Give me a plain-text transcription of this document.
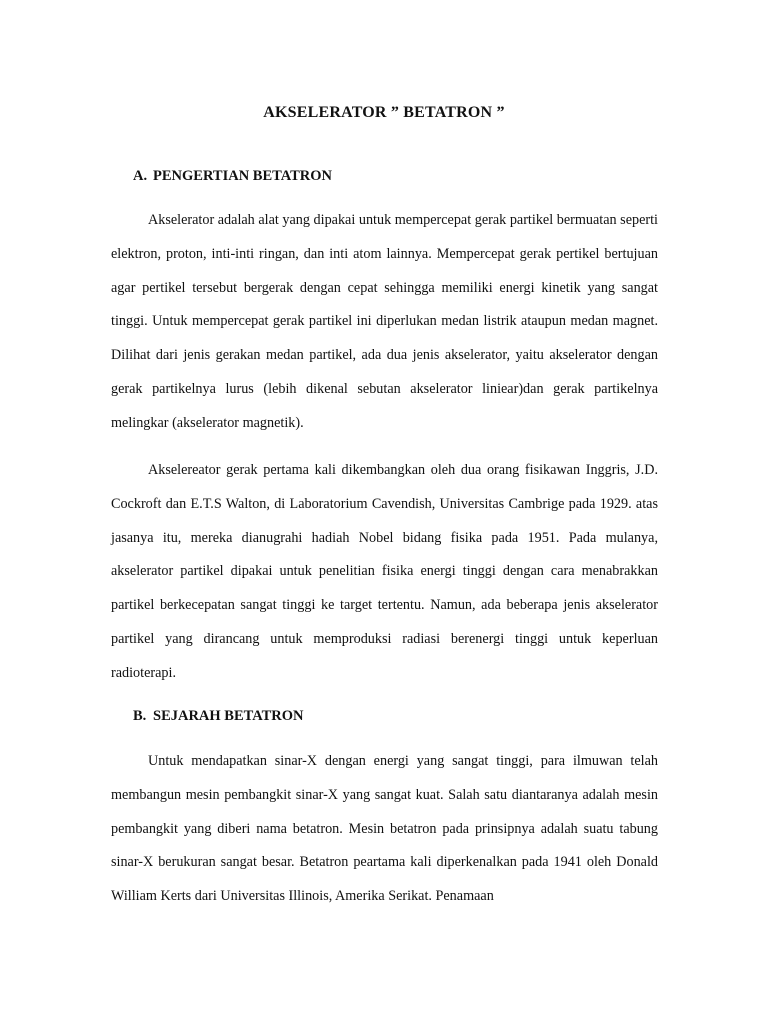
AKSELERATOR ” BETATRON ”
A. PENGERTIAN BETATRON

Akselerator adalah alat yang dipakai untuk mempercepat gerak partikel bermuatan seperti elektron, proton, inti-inti ringan, dan inti atom lainnya. Mempercepat gerak pertikel bertujuan agar pertikel tersebut bergerak dengan cepat sehingga memiliki energi kinetik yang sangat tinggi. Untuk mempercepat gerak partikel ini diperlukan medan listrik ataupun medan magnet. Dilihat dari jenis gerakan medan partikel, ada dua jenis akselerator, yaitu akselerator dengan gerak partikelnya lurus (lebih dikenal sebutan akselerator liniear)dan gerak partikelnya melingkar (akselerator magnetik).

Akselereator gerak pertama kali dikembangkan oleh dua orang fisikawan Inggris, J.D. Cockroft dan E.T.S Walton, di Laboratorium Cavendish, Universitas Cambrige pada 1929. atas jasanya itu, mereka dianugrahi hadiah Nobel bidang fisika pada 1951. Pada mulanya, akselerator partikel dipakai untuk penelitian fisika energi tinggi dengan cara menabrakkan partikel berkecepatan sangat tinggi ke target tertentu. Namun, ada beberapa jenis akselerator partikel yang dirancang untuk memproduksi radiasi berenergi tinggi untuk keperluan radioterapi.

B. SEJARAH BETATRON

Untuk mendapatkan sinar-X dengan energi yang sangat tinggi, para ilmuwan telah membangun mesin pembangkit sinar-X yang sangat kuat. Salah satu diantaranya adalah mesin pembangkit yang diberi nama betatron. Mesin betatron pada prinsipnya adalah suatu tabung sinar-X berukuran sangat besar. Betatron peartama kali diperkenalkan pada 1941 oleh Donald William Kerts dari Universitas Illinois, Amerika Serikat. Penamaan
